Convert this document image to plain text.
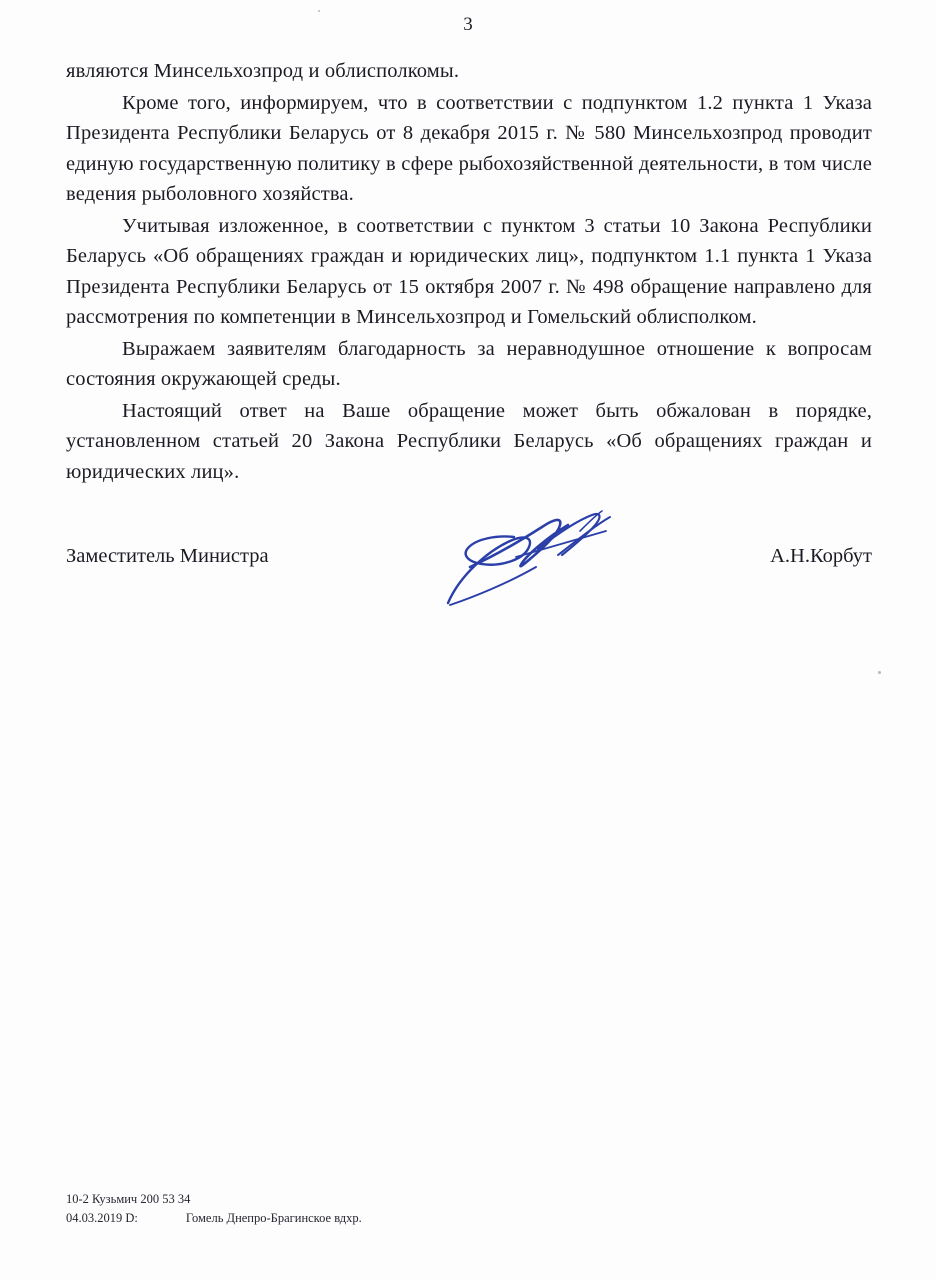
3

являются Минсельхозпрод и облисполкомы.

Кроме того, информируем, что в соответствии с подпунктом 1.2 пункта 1 Указа Президента Республики Беларусь от 8 декабря 2015 г. № 580 Минсельхозпрод проводит единую государственную политику в сфере рыбохозяйственной деятельности, в том числе ведения рыболовного хозяйства.

Учитывая изложенное, в соответствии с пунктом 3 статьи 10 Закона Республики Беларусь «Об обращениях граждан и юридических лиц», подпунктом 1.1 пункта 1 Указа Президента Республики Беларусь от 15 октября 2007 г. № 498 обращение направлено для рассмотрения по компетенции в Минсельхозпрод и Гомельский облисполком.

Выражаем заявителям благодарность за неравнодушное отношение к вопросам состояния окружающей среды.

Настоящий ответ на Ваше обращение может быть обжалован в порядке, установленном статьей 20 Закона Республики Беларусь «Об обращениях граждан и юридических лиц».

Заместитель Министра	А.Н.Корбут
10-2 Кузьмич 200 53 34
04.03.2019 D:	Гомель Днепро-Брагинское вдхр.
